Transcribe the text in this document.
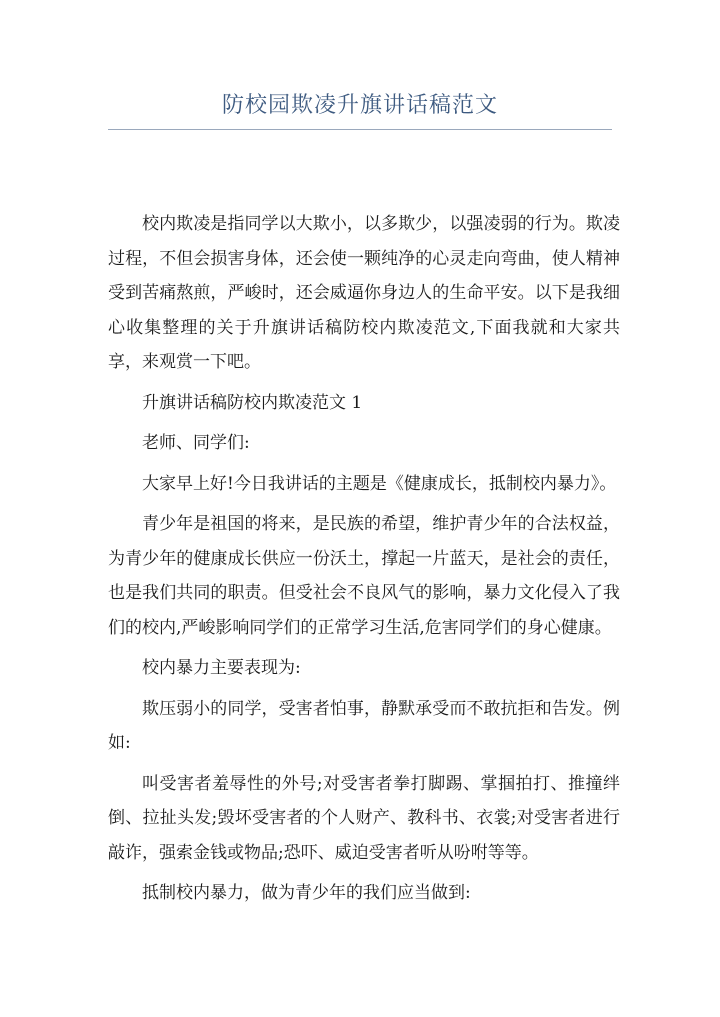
防校园欺凌升旗讲话稿范文

校内欺凌是指同学以大欺小，以多欺少，以强凌弱的行为。欺凌过程，不但会损害身体，还会使一颗纯净的心灵走向弯曲，使人精神受到苦痛熬煎，严峻时，还会威逼你身边人的生命平安。以下是我细心收集整理的关于升旗讲话稿防校内欺凌范文,下面我就和大家共享，来观赏一下吧。

升旗讲话稿防校内欺凌范文 1

老师、同学们:

大家早上好!今日我讲话的主题是《健康成长，抵制校内暴力》。

青少年是祖国的将来，是民族的希望，维护青少年的合法权益，为青少年的健康成长供应一份沃土，撑起一片蓝天，是社会的责任，也是我们共同的职责。但受社会不良风气的影响，暴力文化侵入了我们的校内,严峻影响同学们的正常学习生活,危害同学们的身心健康。

校内暴力主要表现为:

欺压弱小的同学，受害者怕事，静默承受而不敢抗拒和告发。例如:

叫受害者羞辱性的外号;对受害者拳打脚踢、掌掴拍打、推撞绊倒、拉扯头发;毁坏受害者的个人财产、教科书、衣裳;对受害者进行敲诈，强索金钱或物品;恐吓、威迫受害者听从吩咐等等。

抵制校内暴力，做为青少年的我们应当做到:
